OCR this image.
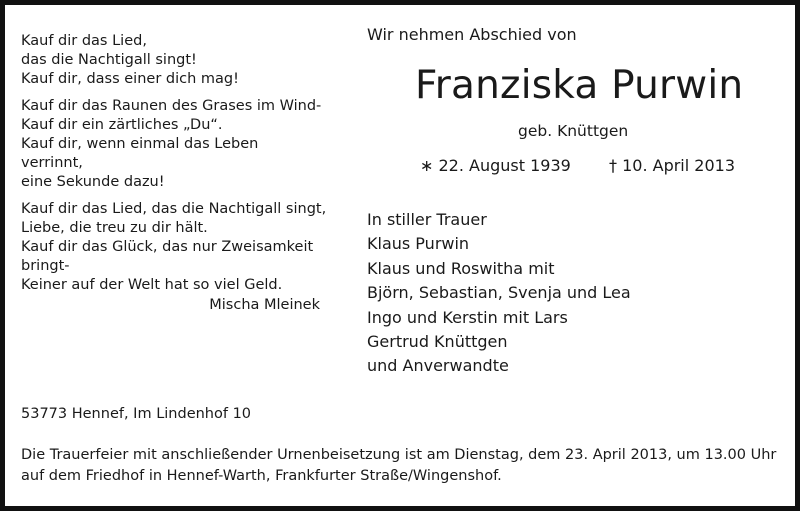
Kauf dir das Lied,
das die Nachtigall singt!
Kauf dir, dass einer dich mag!
Kauf dir das Raunen des Grases im Wind-
Kauf dir ein zärtliches „Du“.
Kauf dir, wenn einmal das Leben
verrinnt,
eine Sekunde dazu!
Kauf dir das Lied, das die Nachtigall singt,
Liebe, die treu zu dir hält.
Kauf dir das Glück, das nur Zweisamkeit
bringt-
Keiner auf der Welt hat so viel Geld.
Mischa Mleinek
Wir nehmen Abschied von
Franziska Purwin
geb. Knüttgen
∗ 22. August 1939 † 10. April 2013
In stiller Trauer
Klaus Purwin
Klaus und Roswitha mit
Björn, Sebastian, Svenja und Lea
Ingo und Kerstin mit Lars
Gertrud Knüttgen
und Anverwandte
53773 Hennef, Im Lindenhof 10
Die Trauerfeier mit anschließender Urnenbeisetzung ist am Dienstag, dem 23. April 2013, um 13.00 Uhr
auf dem Friedhof in Hennef-Warth, Frankfurter Straße/Wingenshof.
